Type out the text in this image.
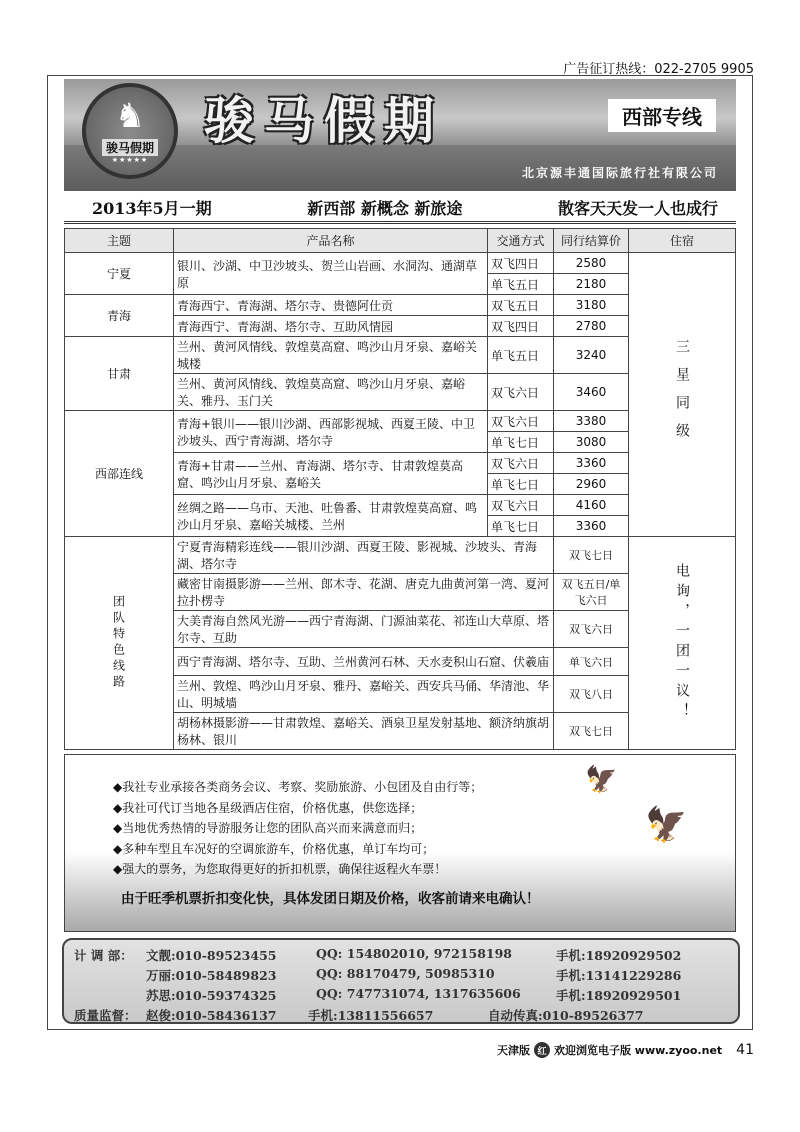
广告征订热线：022-2705 9905
♞
骏马假期
★★★★★
骏马假期	西部专线
北京源丰通国际旅行社有限公司
2013年5月一期	新西部 新概念 新旅途	散客天天发一人也成行
主题	产品名称	交通方式	同行结算价	住宿
宁夏	银川、沙湖、中卫沙坡头、贺兰山岩画、水洞沟、通湖草原	双飞四日	2580	三星同级

		单飞五日	2180	
青海	青海西宁、青海湖、塔尔寺、贵德阿仕贡	双飞五日	3180	
	青海西宁、青海湖、塔尔寺、互助风情园	双飞四日	2780	
甘肃	兰州、黄河风情线、敦煌莫高窟、鸣沙山月牙泉、嘉峪关城楼	单飞五日	3240	
	兰州、黄河风情线、敦煌莫高窟、鸣沙山月牙泉、嘉峪关、雅丹、玉门关	双飞六日	3460	
西部连线	青海+银川——银川沙湖、西部影视城、西夏王陵、中卫沙坡头、西宁青海湖、塔尔寺	双飞六日	3380	
		单飞七日	3080	
	青海+甘肃——兰州、青海湖、塔尔寺、甘肃敦煌莫高窟、鸣沙山月牙泉、嘉峪关	双飞六日	3360	
		单飞七日	2960	
	丝绸之路——乌市、天池、吐鲁番、甘肃敦煌莫高窟、鸣沙山月牙泉、嘉峪关城楼、兰州	双飞六日	4160	
		单飞七日	3360	

团队特色线路	宁夏青海精彩连线——银川沙湖、西夏王陵、影视城、沙坡头、青海湖、塔尔寺		双飞七日	电询，一团一议！

	藏密甘南摄影游——兰州、郎木寺、花湖、唐克九曲黄河第一湾、夏河拉扑楞寺		双飞五日/单飞六日	
	大美青海自然风光游——西宁青海湖、门源油菜花、祁连山大草原、塔尔寺、互助		双飞六日	
	西宁青海湖、塔尔寺、互助、兰州黄河石林、天水麦积山石窟、伏羲庙		单飞六日	
	兰州、敦煌、鸣沙山月牙泉、雅丹、嘉峪关、西安兵马俑、华清池、华山、明城墙		双飞八日	
	胡杨林摄影游——甘肃敦煌、嘉峪关、酒泉卫星发射基地、额济纳旗胡杨林、银川		双飞七日	
◆我社专业承接各类商务会议、考察、奖励旅游、小包团及自由行等；
◆我社可代订当地各星级酒店住宿，价格优惠，供您选择；
◆当地优秀热情的导游服务让您的团队高兴而来满意而归；
◆多种车型且车况好的空调旅游车，价格优惠，单订车均可；
◆强大的票务，为您取得更好的折扣机票，确保往返程火车票！
由于旺季机票折扣变化快，具体发团日期及价格，收客前请来电确认！
🦅
🦅
计 调 部： 文靓:010-89523455	QQ: 154802010, 972158198	手机:18920929502
万丽:010-58489823	QQ: 88170479, 50985310	手机:13141229286
苏思:010-59374325	QQ: 747731074, 1317635606	手机:18920929501
质量监督： 赵俊:010-58436137	手机:13811556657	自动传真:010-89526377
天津版 红 欢迎浏览电子版 www.zyoo.net 41
